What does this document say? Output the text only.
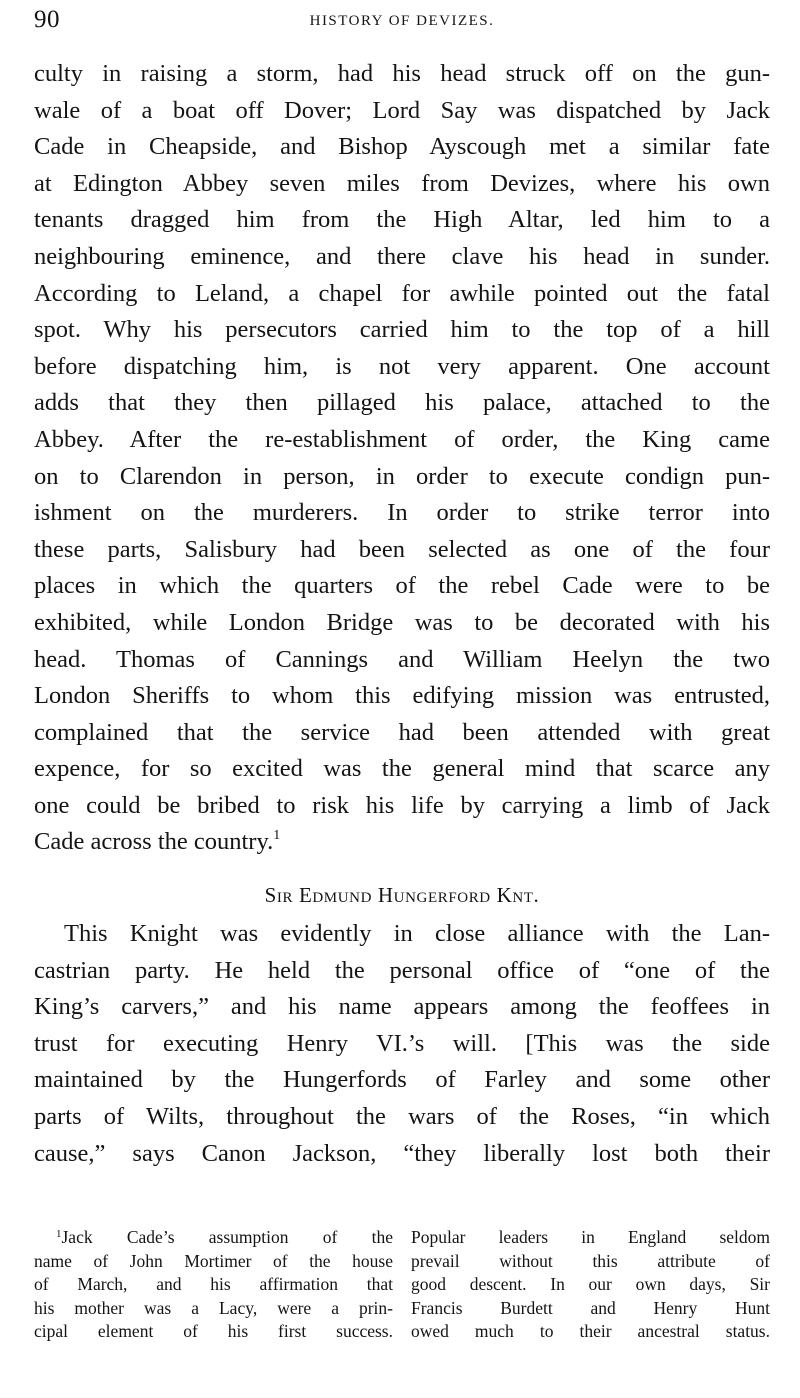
90	HISTORY OF DEVIZES.
culty in raising a storm, had his head struck off on the gun-
wale of a boat off Dover; Lord Say was dispatched by Jack
Cade in Cheapside, and Bishop Ayscough met a similar fate
at Edington Abbey seven miles from Devizes, where his own
tenants dragged him from the High Altar, led him to a
neighbouring eminence, and there clave his head in sunder.
According to Leland, a chapel for awhile pointed out the fatal
spot. Why his persecutors carried him to the top of a hill
before dispatching him, is not very apparent. One account
adds that they then pillaged his palace, attached to the
Abbey. After the re-establishment of order, the King came
on to Clarendon in person, in order to execute condign pun-
ishment on the murderers. In order to strike terror into
these parts, Salisbury had been selected as one of the four
places in which the quarters of the rebel Cade were to be
exhibited, while London Bridge was to be decorated with his
head. Thomas of Cannings and William Heelyn the two
London Sheriffs to whom this edifying mission was entrusted,
complained that the service had been attended with great
expence, for so excited was the general mind that scarce any
one could be bribed to risk his life by carrying a limb of Jack
Cade across the country.$^1$
Sir Edmund Hungerford Knt.
This Knight was evidently in close alliance with the Lan-
castrian party. He held the personal office of “one of the
King’s carvers,” and his name appears among the feoffees in
trust for executing Henry VI.’s will. [This was the side
maintained by the Hungerfords of Farley and some other
parts of Wilts, throughout the wars of the Roses, “in which
cause,” says Canon Jackson, “they liberally lost both their
$^1$Jack Cade’s assumption of the
name of John Mortimer of the house
of March, and his affirmation that
his mother was a Lacy, were a prin-
cipal element of his first success.
Popular leaders in England seldom
prevail without this attribute of
good descent. In our own days, Sir
Francis Burdett and Henry Hunt
owed much to their ancestral status.
